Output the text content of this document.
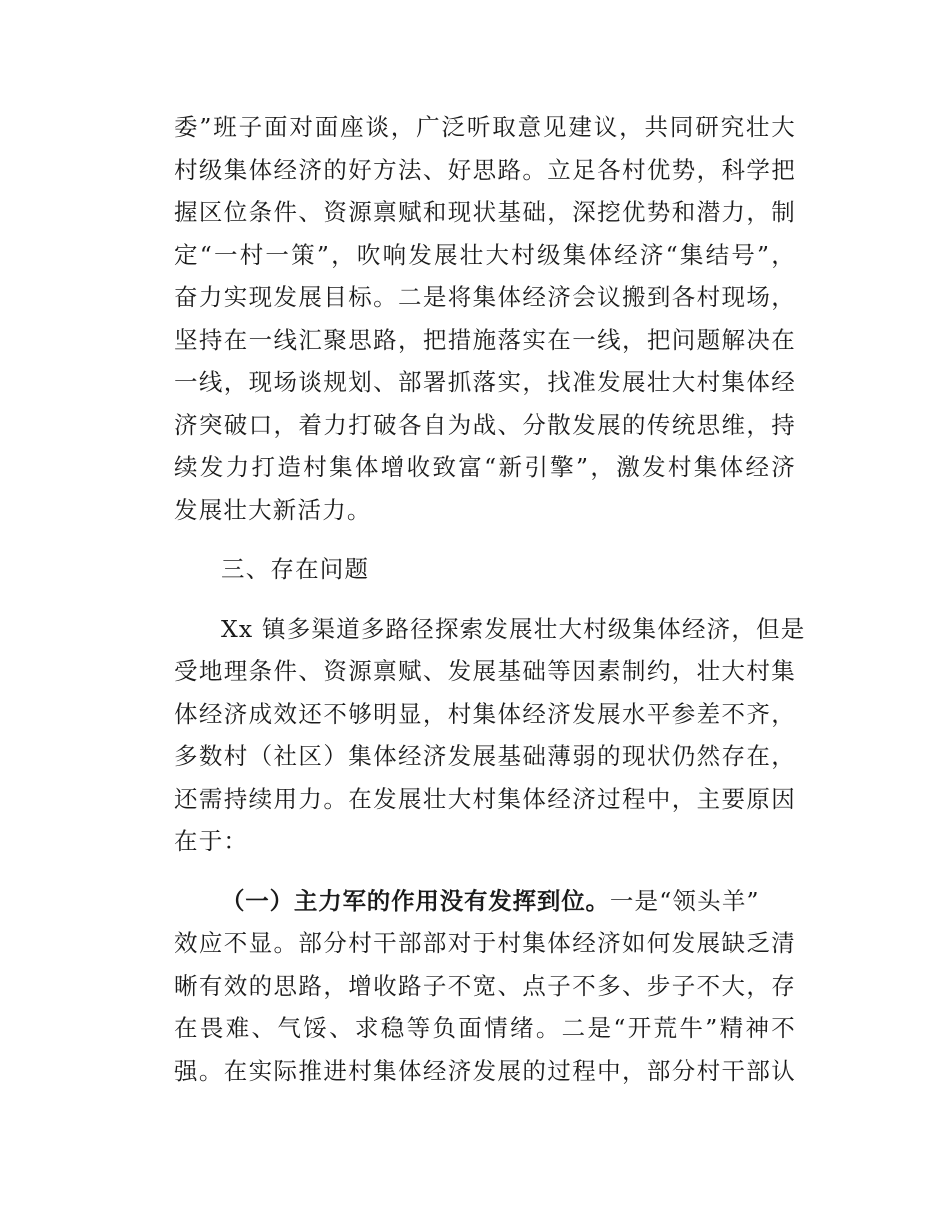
委”班子面对面座谈，广泛听取意见建议，共同研究壮大
村级集体经济的好方法、好思路。立足各村优势，科学把
握区位条件、资源禀赋和现状基础，深挖优势和潜力，制
定“一村一策”，吹响发展壮大村级集体经济“集结号”，
奋力实现发展目标。二是将集体经济会议搬到各村现场，
坚持在一线汇聚思路，把措施落实在一线，把问题解决在
一线，现场谈规划、部署抓落实，找准发展壮大村集体经
济突破口，着力打破各自为战、分散发展的传统思维，持
续发力打造村集体增收致富“新引擎”，激发村集体经济
发展壮大新活力。
三、存在问题
Xx 镇多渠道多路径探索发展壮大村级集体经济，但是
受地理条件、资源禀赋、发展基础等因素制约，壮大村集
体经济成效还不够明显，村集体经济发展水平参差不齐，
多数村（社区）集体经济发展基础薄弱的现状仍然存在，
还需持续用力。在发展壮大村集体经济过程中，主要原因
在于：
（一）主力军的作用没有发挥到位。一是“领头羊”
效应不显。部分村干部部对于村集体经济如何发展缺乏清
晰有效的思路，增收路子不宽、点子不多、步子不大，存
在畏难、气馁、求稳等负面情绪。二是“开荒牛”精神不
强。在实际推进村集体经济发展的过程中，部分村干部认
